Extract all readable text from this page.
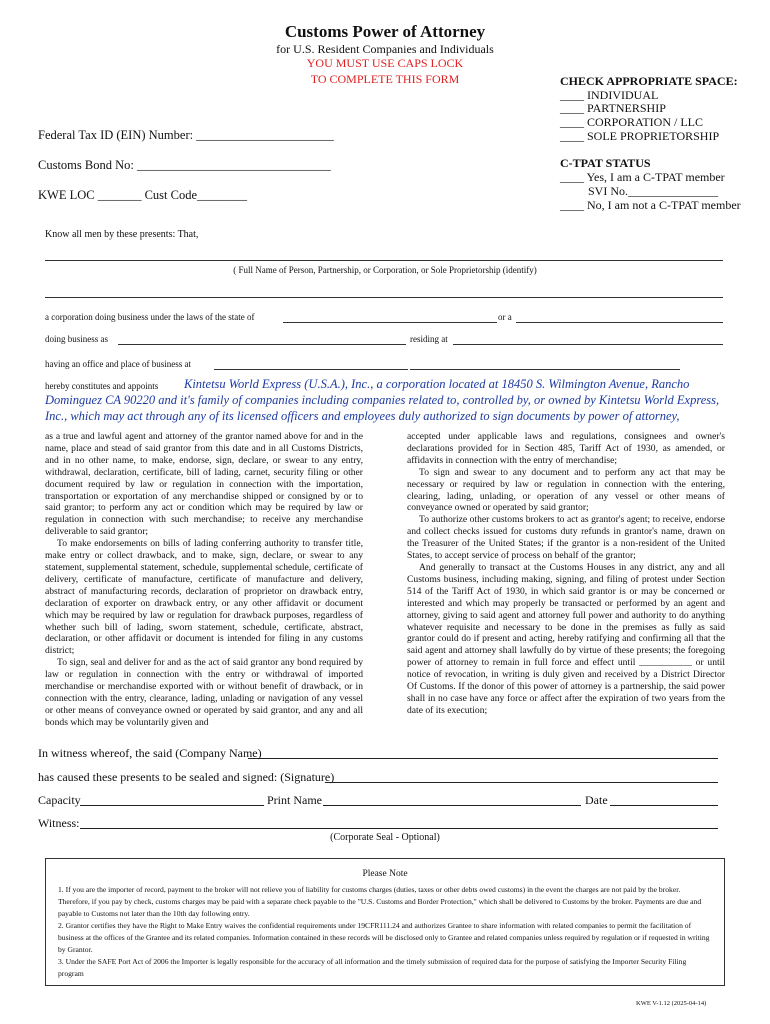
Customs Power of Attorney
for U.S. Resident Companies and Individuals
YOU MUST USE CAPS LOCK
TO COMPLETE THIS FORM	CHECK APPROPRIATE SPACE:
____ INDIVIDUAL
____ PARTNERSHIP
____ CORPORATION / LLC
____ SOLE PROPRIETORSHIP
C-TPAT STATUS
____ Yes, I am a C-TPAT member
SVI No._______________
____ No, I am not a C-TPAT member
Federal Tax ID (EIN) Number: ______________________
Customs Bond No: _______________________________
KWE LOC _______ Cust Code________
Know all men by these presents: That,
( Full Name of Person, Partnership, or Corporation, or Sole Proprietorship (identify)
a corporation doing business under the laws of the state of	or a
doing business as	residing at
having an office and place of business at
hereby constitutes and appoints Kintetsu World Express (U.S.A.), Inc., a corporation located at 18450 S. Wilmington Avenue, Rancho
Dominguez CA 90220 and it's family of companies including companies related to, controlled by, or owned by Kintetsu World Express,
Inc., which may act through any of its licensed officers and employees duly authorized to sign documents by power of attorney,

as a true and lawful agent and attorney of the grantor named above for and in the name, place and stead of said grantor from this date and in all Customs Districts, and in no other name, to make, endorse, sign, declare, or swear to any entry, withdrawal, declaration, certificate, bill of lading, carnet, security filing or other document required by law or regulation in connection with the importation, transportation or exportation of any merchandise shipped or consigned by or to said grantor; to perform any act or condition which may be required by law or regulation in connection with such merchandise; to receive any merchandise deliverable to said grantor;

To make endorsements on bills of lading conferring authority to transfer title, make entry or collect drawback, and to make, sign, declare, or swear to any statement, supplemental statement, schedule, supplemental schedule, certificate of delivery, certificate of manufacture, certificate of manufacture and delivery, abstract of manufacturing records, declaration of proprietor on drawback entry, declaration of exporter on drawback entry, or any other affidavit or document which may be required by law or regulation for drawback purposes, regardless of whether such bill of lading, sworn statement, schedule, certificate, abstract, declaration, or other affidavit or document is intended for filing in any customs district;

To sign, seal and deliver for and as the act of said grantor any bond required by law or regulation in connection with the entry or withdrawal of imported merchandise or merchandise exported with or without benefit of drawback, or in connection with the entry, clearance, lading, unlading or navigation of any vessel or other means of conveyance owned or operated by said grantor, and any and all bonds which may be voluntarily given and

accepted under applicable laws and regulations, consignees and owner's declarations provided for in Section 485, Tariff Act of 1930, as amended, or affidavits in connection with the entry of merchandise;

To sign and swear to any document and to perform any act that may be necessary or required by law or regulation in connection with the entering, clearing, lading, unlading, or operation of any vessel or other means of conveyance owned or operated by said grantor;

To authorize other customs brokers to act as grantor's agent; to receive, endorse and collect checks issued for customs duty refunds in grantor's name, drawn on the Treasurer of the United States; if the grantor is a non-resident of the United States, to accept service of process on behalf of the grantor;

And generally to transact at the Customs Houses in any district, any and all Customs business, including making, signing, and filing of protest under Section 514 of the Tariff Act of 1930, in which said grantor is or may be concerned or interested and which may properly be transacted or performed by an agent and attorney, giving to said agent and attorney full power and authority to do anything whatever requisite and necessary to be done in the premises as fully as said grantor could do if present and acting, hereby ratifying and confirming all that the said agent and attorney shall lawfully do by virtue of these presents; the foregoing power of attorney to remain in full force and effect until ___________ or until notice of revocation, in writing is duly given and received by a District Director Of Customs. If the donor of this power of attorney is a partnership, the said power shall in no case have any force or affect after the expiration of two years from the date of its execution;

In witness whereof, the said (Company Name)
has caused these presents to be sealed and signed: (Signature)
Capacity	Print Name	Date
Witness:
(Corporate Seal - Optional)
Please Note
1. If you are the importer of record, payment to the broker will not relieve you of liability for customs charges (duties, taxes or other debts owed customs) in the event the charges are not paid by the broker. Therefore, if you pay by check, customs charges may be paid with a separate check payable to the "U.S. Customs and Border Protection," which shall be delivered to Customs by the broker. Payments are due and payable to Customs not later than the 10th day following entry.
2. Grantor certifies they have the Right to Make Entry waives the confidential requirements under 19CFR111.24 and authorizes Grantee to share information with related companies to permit the facilitation of business at the offices of the Grantee and its related companies. Information contained in these records will be disclosed only to Grantee and related companies unless required by regulation or if requested in writing by Grantor.
3. Under the SAFE Port Act of 2006 the Importer is legally responsible for the accuracy of all information and the timely submission of required data for the purpose of satisfying the Importer Security Filing program
KWE V-1.12 (2025-04-14)
